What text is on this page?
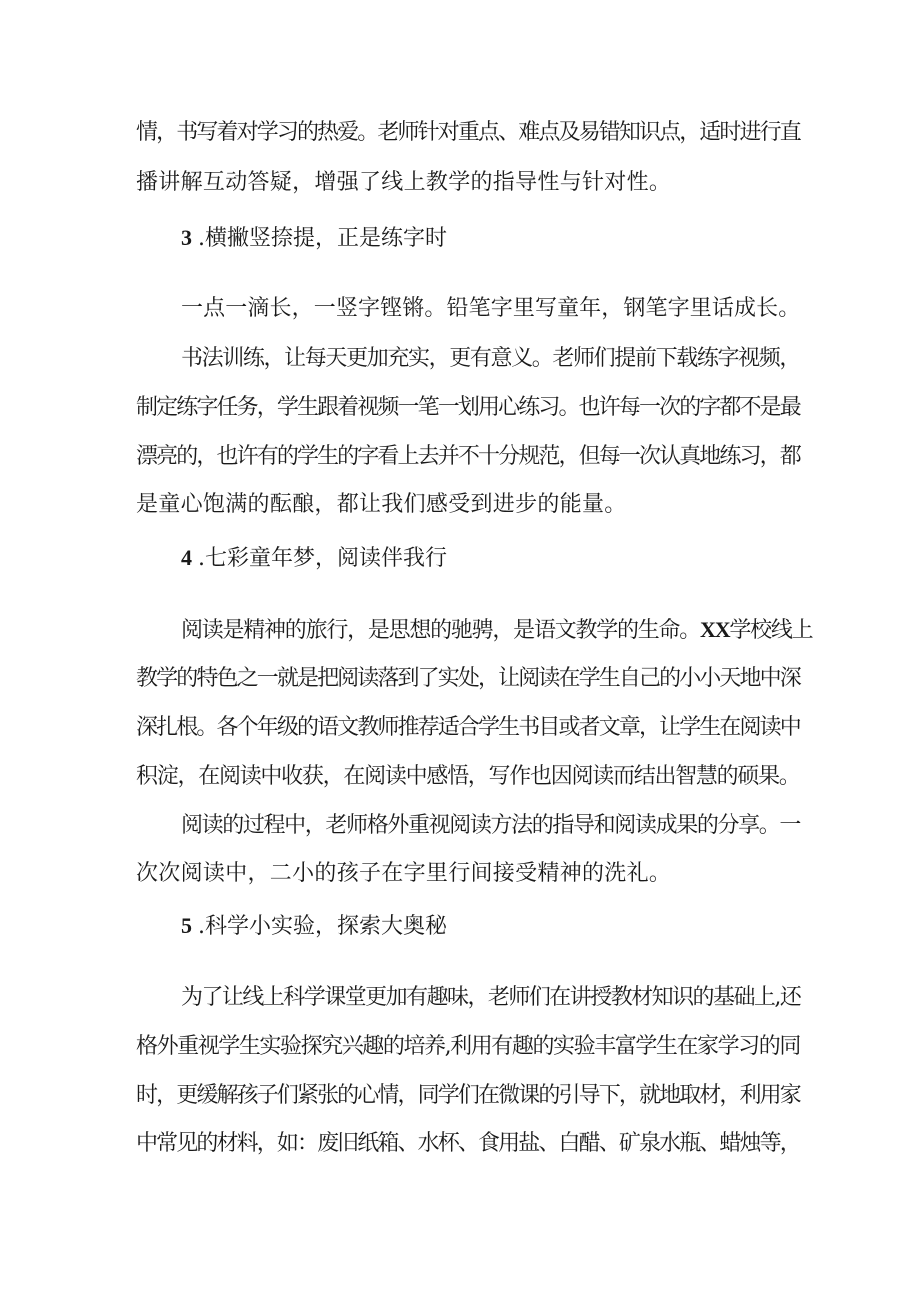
情，书写着对学习的热爱。老师针对重点、难点及易错知识点，适时进行直
播讲解互动答疑，增强了线上教学的指导性与针对性。
3 .横撇竖捺提，正是练字时
一点一滴长，一竖字铿锵。铅笔字里写童年，钢笔字里话成长。
书法训练，让每天更加充实，更有意义。老师们提前下载练字视频，
制定练字任务，学生跟着视频一笔一划用心练习。也许每一次的字都不是最
漂亮的，也许有的学生的字看上去并不十分规范，但每一次认真地练习，都
是童心饱满的酝酿，都让我们感受到进步的能量。
4 .七彩童年梦，阅读伴我行
阅读是精神的旅行，是思想的驰骋，是语文教学的生命。XX学校线上
教学的特色之一就是把阅读落到了实处，让阅读在学生自己的小小天地中深
深扎根。各个年级的语文教师推荐适合学生书目或者文章，让学生在阅读中
积淀，在阅读中收获，在阅读中感悟，写作也因阅读而结出智慧的硕果。
阅读的过程中，老师格外重视阅读方法的指导和阅读成果的分享。一
次次阅读中，二小的孩子在字里行间接受精神的洗礼。
5 .科学小实验，探索大奥秘
为了让线上科学课堂更加有趣味，老师们在讲授教材知识的基础上,还
格外重视学生实验探究兴趣的培养,利用有趣的实验丰富学生在家学习的同
时，更缓解孩子们紧张的心情，同学们在微课的引导下，就地取材，利用家
中常见的材料，如：废旧纸箱、水杯、食用盐、白醋、矿泉水瓶、蜡烛等，
